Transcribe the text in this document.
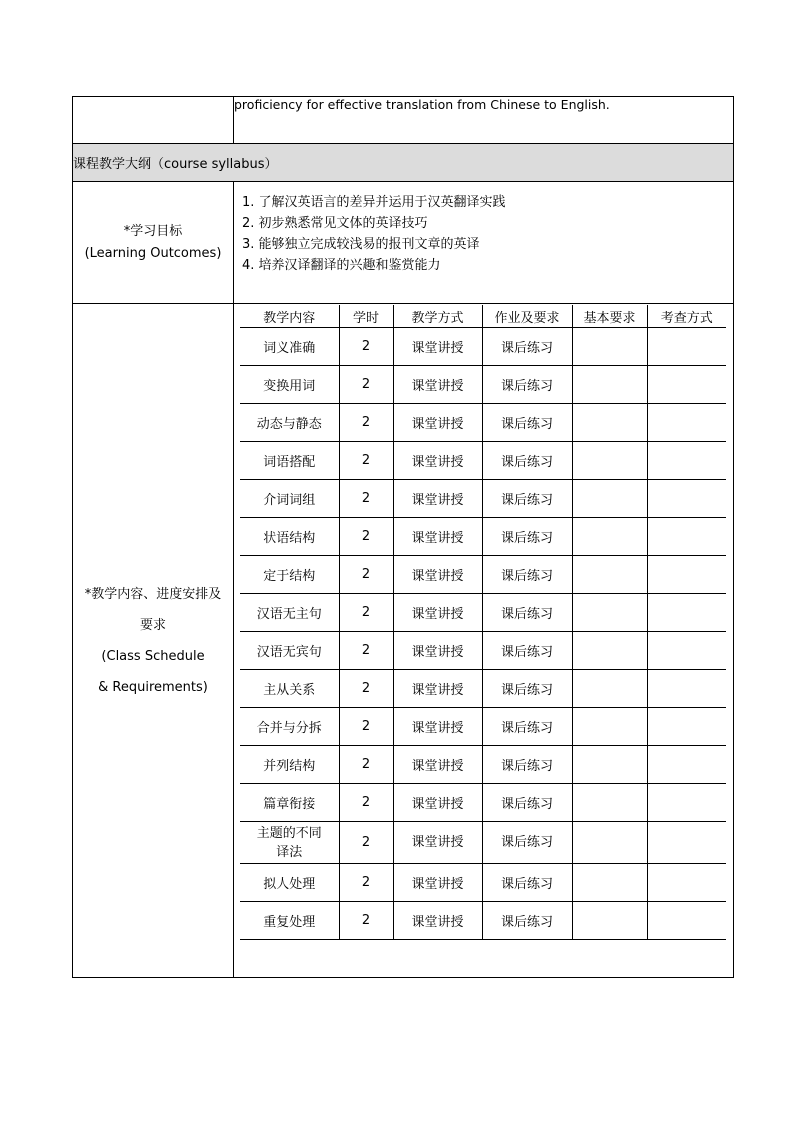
	proficiency for effective translation from Chinese to English.
课程教学大纲（course syllabus）

*学习目标
(Learning Outcomes)

1. 了解汉英语言的差异并运用于汉英翻译实践
2. 初步熟悉常见文体的英译技巧
3. 能够独立完成较浅易的报刊文章的英译
4. 培养汉译翻译的兴趣和鉴赏能力

*教学内容、进度安排及
要求
(Class Schedule
& Requirements)

教学内容	学时	教学方式	作业及要求	基本要求	考查方式
词义准确	2	课堂讲授	课后练习		
变换用词	2	课堂讲授	课后练习		
动态与静态	2	课堂讲授	课后练习		
词语搭配	2	课堂讲授	课后练习		
介词词组	2	课堂讲授	课后练习		
状语结构	2	课堂讲授	课后练习		
定于结构	2	课堂讲授	课后练习		
汉语无主句	2	课堂讲授	课后练习		
汉语无宾句	2	课堂讲授	课后练习		
主从关系	2	课堂讲授	课后练习		
合并与分拆	2	课堂讲授	课后练习		
并列结构	2	课堂讲授	课后练习		
篇章衔接	2	课堂讲授	课后练习		
主题的不同译法	2	课堂讲授	课后练习		
拟人处理	2	课堂讲授	课后练习		
重复处理	2	课堂讲授	课后练习		
